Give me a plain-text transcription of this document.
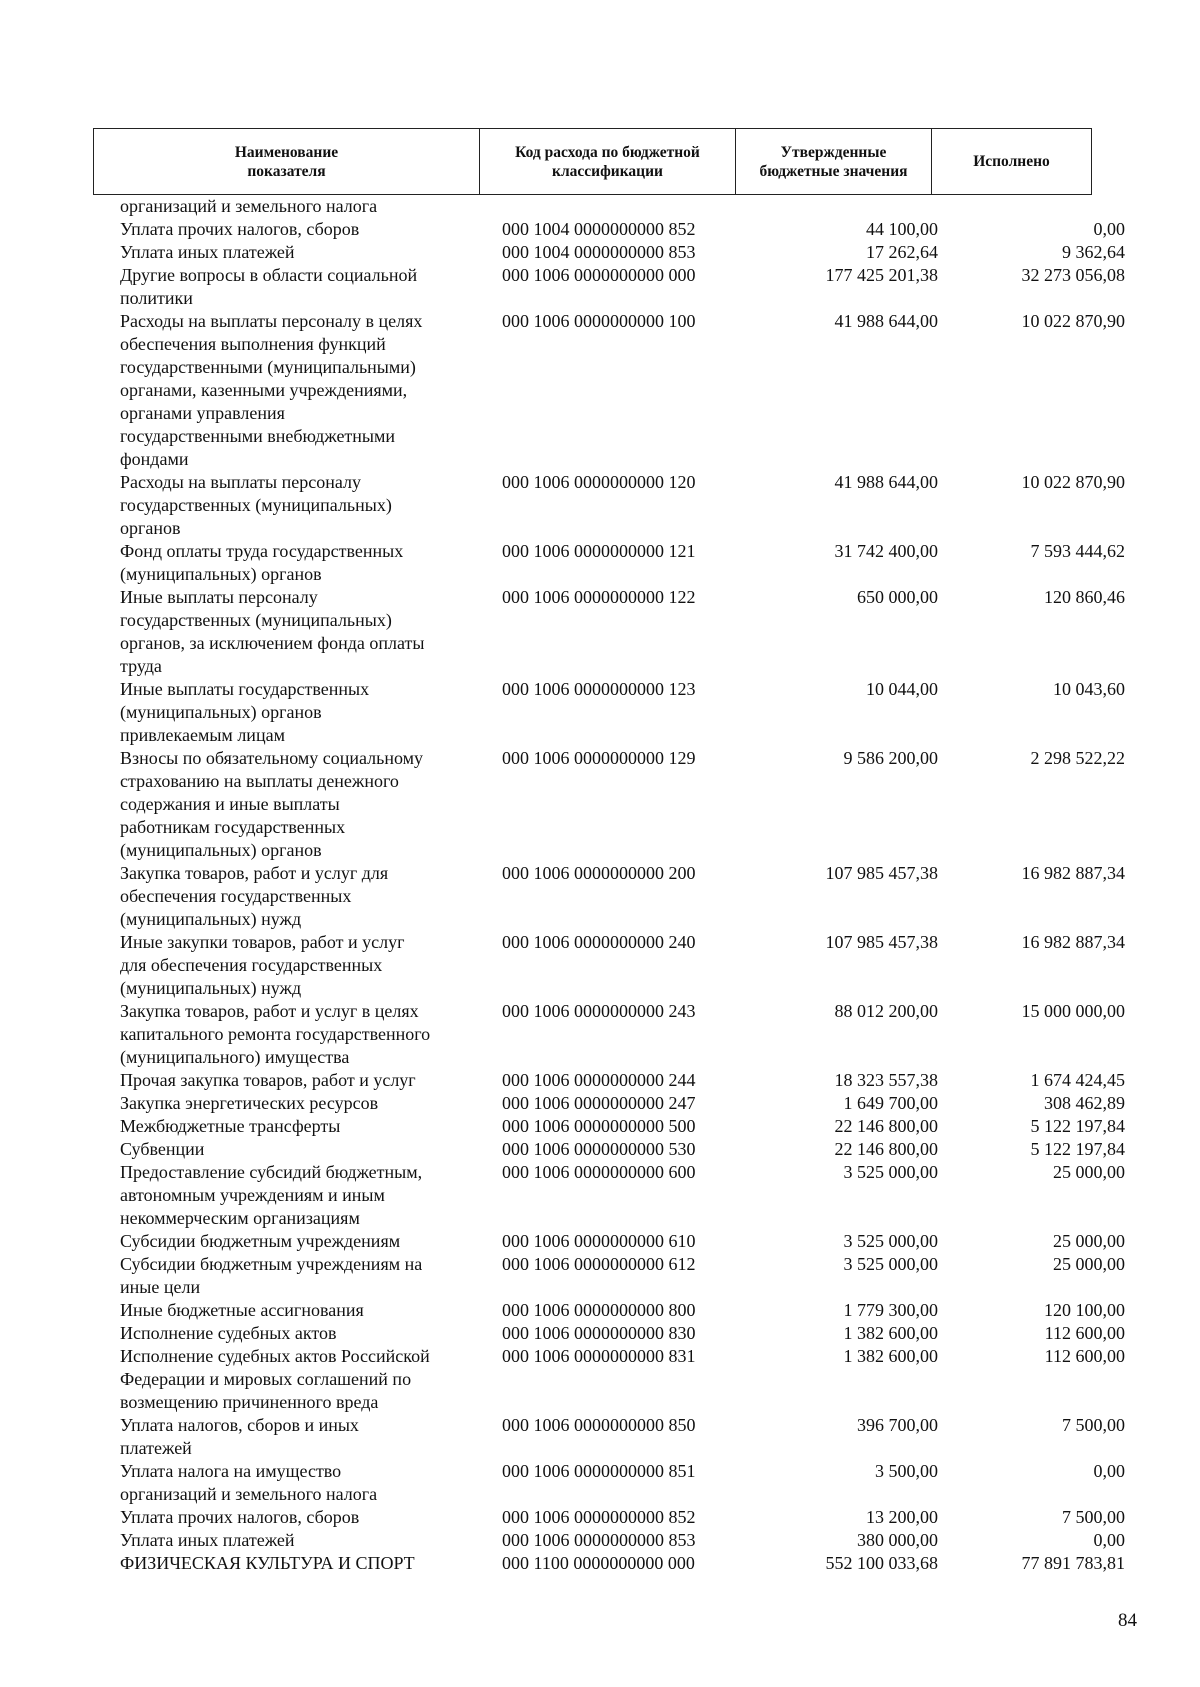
Наименование
показателя
Код расхода по бюджетной
классификации
Утвержденные
бюджетные значения
Исполнено
организаций и земельного налога
Уплата прочих налогов, сборов	000 1004 0000000000 852	44 100,00	0,00
Уплата иных платежей	000 1004 0000000000 853	17 262,64	9 362,64
Другие вопросы в области социальной
политики
000 1006 0000000000 000	177 425 201,38	32 273 056,08
Расходы на выплаты персоналу в целях
обеспечения выполнения функций
государственными (муниципальными)
органами, казенными учреждениями,
органами управления
государственными внебюджетными
фондами
000 1006 0000000000 100	41 988 644,00	10 022 870,90
Расходы на выплаты персоналу
государственных (муниципальных)
органов
000 1006 0000000000 120	41 988 644,00	10 022 870,90
Фонд оплаты труда государственных
(муниципальных) органов
000 1006 0000000000 121	31 742 400,00	7 593 444,62
Иные выплаты персоналу
государственных (муниципальных)
органов, за исключением фонда оплаты
труда
000 1006 0000000000 122	650 000,00	120 860,46
Иные выплаты государственных
(муниципальных) органов
привлекаемым лицам
000 1006 0000000000 123	10 044,00	10 043,60
Взносы по обязательному социальному
страхованию на выплаты денежного
содержания и иные выплаты
работникам государственных
(муниципальных) органов
000 1006 0000000000 129	9 586 200,00	2 298 522,22
Закупка товаров, работ и услуг для
обеспечения государственных
(муниципальных) нужд
000 1006 0000000000 200	107 985 457,38	16 982 887,34
Иные закупки товаров, работ и услуг
для обеспечения государственных
(муниципальных) нужд
000 1006 0000000000 240	107 985 457,38	16 982 887,34
Закупка товаров, работ и услуг в целях
капитального ремонта государственного
(муниципального) имущества
000 1006 0000000000 243	88 012 200,00	15 000 000,00
Прочая закупка товаров, работ и услуг	000 1006 0000000000 244	18 323 557,38	1 674 424,45
Закупка энергетических ресурсов	000 1006 0000000000 247	1 649 700,00	308 462,89
Межбюджетные трансферты	000 1006 0000000000 500	22 146 800,00	5 122 197,84
Субвенции	000 1006 0000000000 530	22 146 800,00	5 122 197,84
Предоставление субсидий бюджетным,
автономным учреждениям и иным
некоммерческим организациям
000 1006 0000000000 600	3 525 000,00	25 000,00
Субсидии бюджетным учреждениям	000 1006 0000000000 610	3 525 000,00	25 000,00
Субсидии бюджетным учреждениям на
иные цели
000 1006 0000000000 612	3 525 000,00	25 000,00
Иные бюджетные ассигнования	000 1006 0000000000 800	1 779 300,00	120 100,00
Исполнение судебных актов	000 1006 0000000000 830	1 382 600,00	112 600,00
Исполнение судебных актов Российской
Федерации и мировых соглашений по
возмещению причиненного вреда
000 1006 0000000000 831	1 382 600,00	112 600,00
Уплата налогов, сборов и иных
платежей
000 1006 0000000000 850	396 700,00	7 500,00
Уплата налога на имущество
организаций и земельного налога
000 1006 0000000000 851	3 500,00	0,00
Уплата прочих налогов, сборов	000 1006 0000000000 852	13 200,00	7 500,00
Уплата иных платежей	000 1006 0000000000 853	380 000,00	0,00
ФИЗИЧЕСКАЯ КУЛЬТУРА И СПОРТ	000 1100 0000000000 000	552 100 033,68	77 891 783,81
84
